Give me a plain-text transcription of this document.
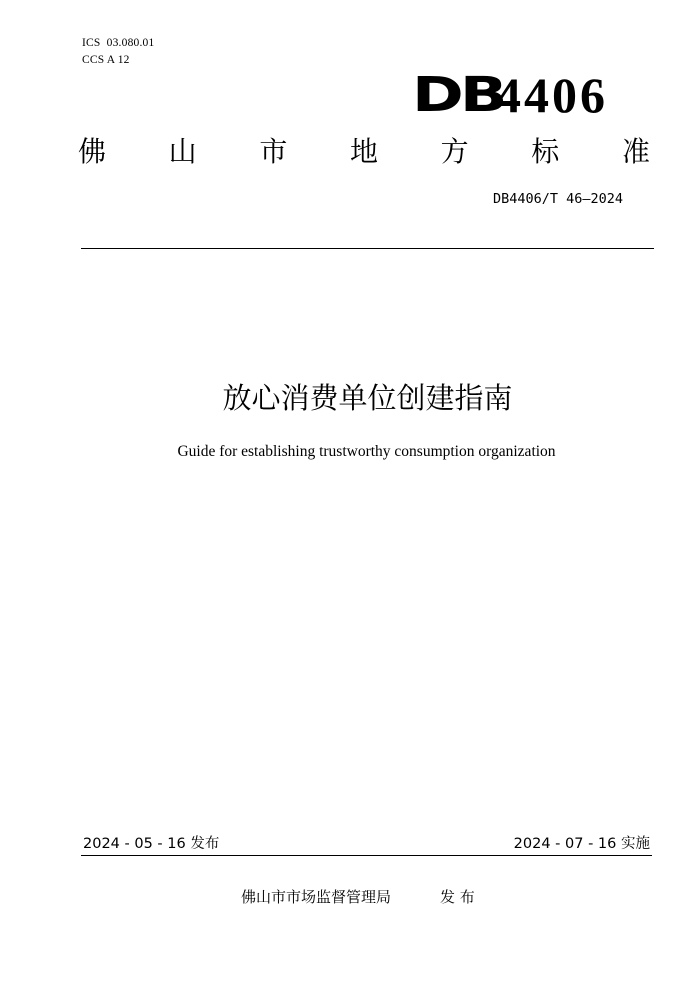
ICS  03.080.01
CCS A 12
DB
4406
佛 山 市 地 方 标 准
DB4406/T 46—2024
放心消费单位创建指南
Guide for establishing trustworthy consumption organization
2024 - 05 - 16 发布	2024 - 07 - 16 实施
佛山市市场监督管理局	发 布
